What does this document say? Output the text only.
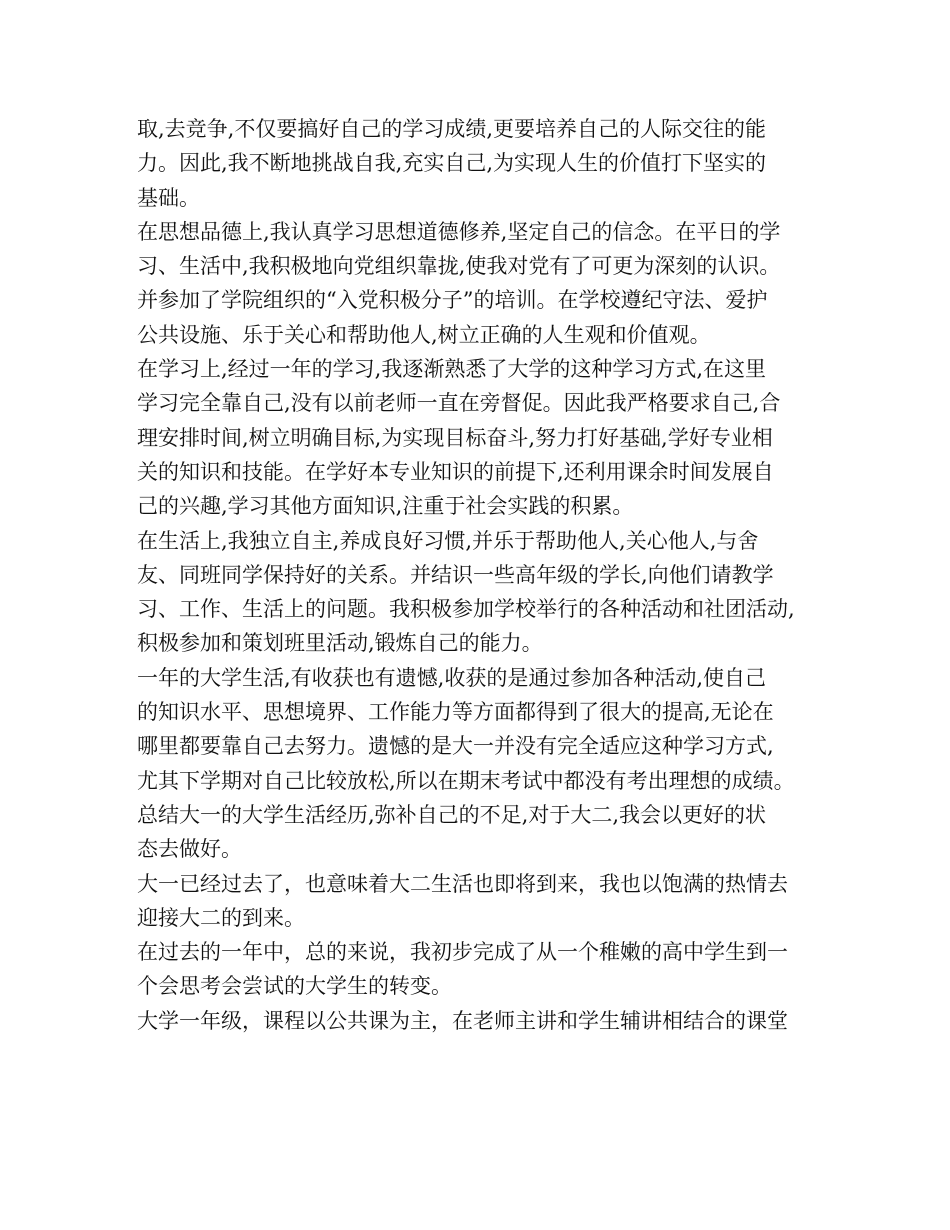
取,去竞争,不仅要搞好自己的学习成绩,更要培养自己的人际交往的能
力。因此,我不断地挑战自我,充实自己,为实现人生的价值打下坚实的
基础。
在思想品德上,我认真学习思想道德修养,坚定自己的信念。在平日的学
习、生活中,我积极地向党组织靠拢,使我对党有了可更为深刻的认识。
并参加了学院组织的“入党积极分子”的培训。在学校遵纪守法、爱护
公共设施、乐于关心和帮助他人,树立正确的人生观和价值观。
在学习上,经过一年的学习,我逐渐熟悉了大学的这种学习方式,在这里
学习完全靠自己,没有以前老师一直在旁督促。因此我严格要求自己,合
理安排时间,树立明确目标,为实现目标奋斗,努力打好基础,学好专业相
关的知识和技能。在学好本专业知识的前提下,还利用课余时间发展自
己的兴趣,学习其他方面知识,注重于社会实践的积累。
在生活上,我独立自主,养成良好习惯,并乐于帮助他人,关心他人,与舍
友、同班同学保持好的关系。并结识一些高年级的学长,向他们请教学
习、工作、生活上的问题。我积极参加学校举行的各种活动和社团活动,
积极参加和策划班里活动,锻炼自己的能力。
一年的大学生活,有收获也有遗憾,收获的是通过参加各种活动,使自己
的知识水平、思想境界、工作能力等方面都得到了很大的提高,无论在
哪里都要靠自己去努力。遗憾的是大一并没有完全适应这种学习方式,
尤其下学期对自己比较放松,所以在期末考试中都没有考出理想的成绩。
总结大一的大学生活经历,弥补自己的不足,对于大二,我会以更好的状
态去做好。
大一已经过去了，也意味着大二生活也即将到来，我也以饱满的热情去
迎接大二的到来。
在过去的一年中，总的来说，我初步完成了从一个稚嫩的高中学生到一
个会思考会尝试的大学生的转变。
大学一年级，课程以公共课为主，在老师主讲和学生辅讲相结合的课堂
